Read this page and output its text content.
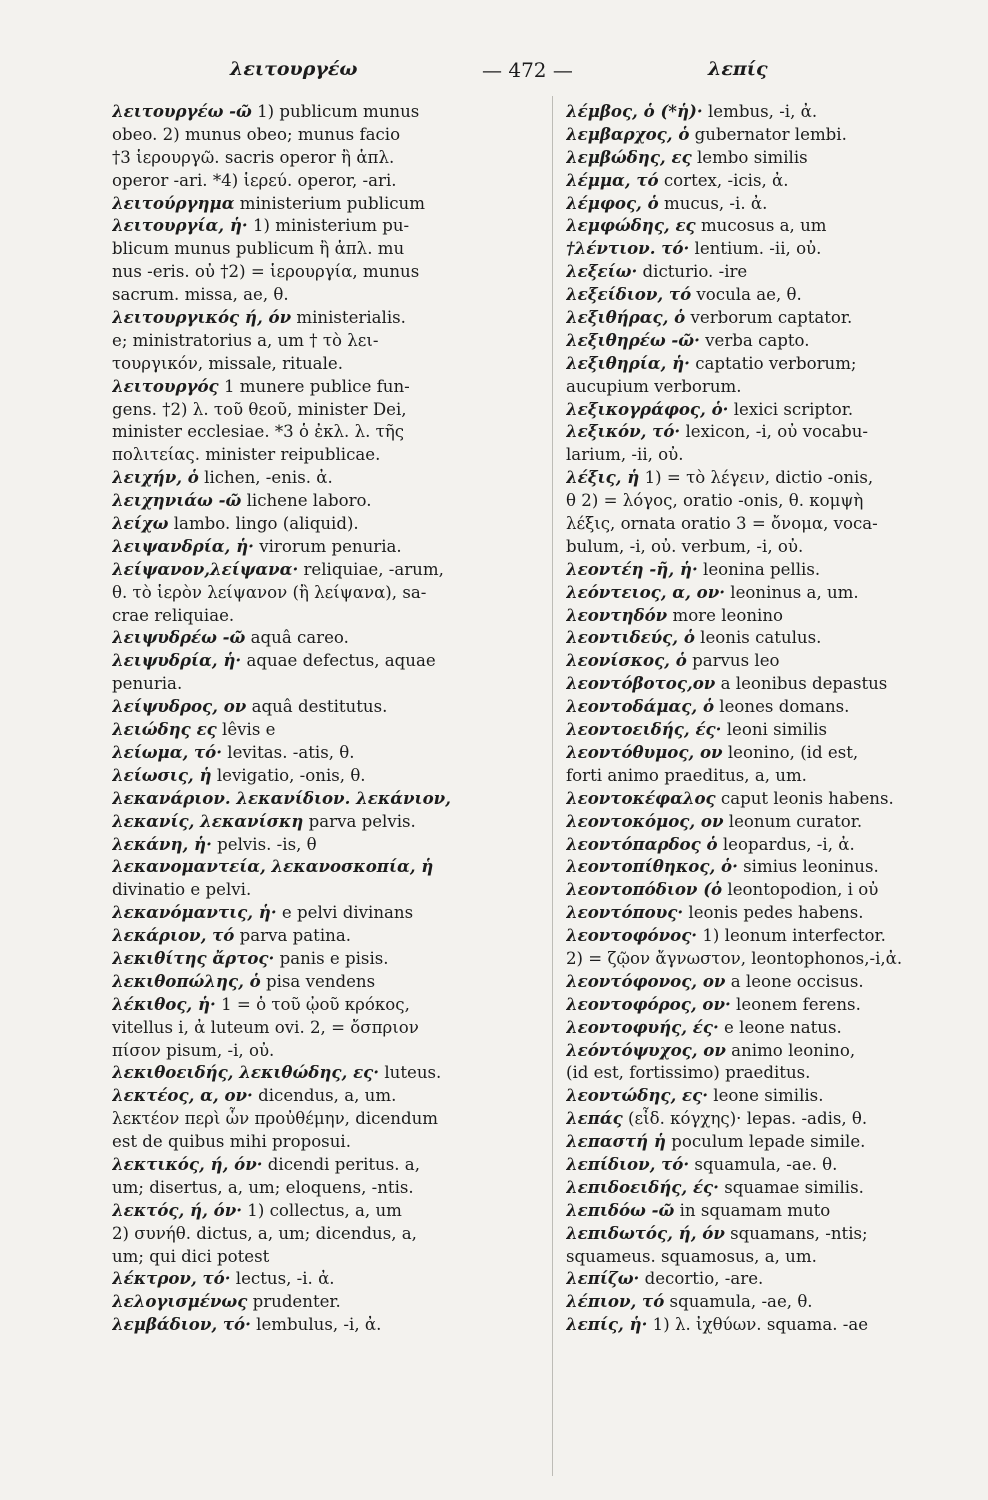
λειτουργέω	— 472 —	λεπίς
λειτουργέω -ῶ 1) publicum munus
obeo. 2) munus obeo; munus facio
†3 ἱερουργῶ. sacris operor ἢ ἁπλ.
operor -ari. *4) ἱερεύ. operor, -ari.
λειτούργημα ministerium publicum
λειτουργία, ἡ· 1) ministerium pu-
blicum munus publicum ἢ ἁπλ. mu
nus -eris. οὐ †2) = ἱερουργία, munus
sacrum. missa, ae, θ.
λειτουργικός ή, όν ministerialis.
e; ministratorius a, um † τὸ λει-
τουργικόν, missale, rituale.
λειτουργός 1 munere publice fun-
gens. †2) λ. τοῦ θεοῦ, minister Dei,
minister ecclesiae. *3 ὁ ἐκλ. λ. τῆς
πολιτείας. minister reipublicae.
λειχήν, ὁ lichen, -enis. ἀ.
λειχηνιάω -ῶ lichene laboro.
λείχω lambo. lingo (aliquid).
λειψανδρία, ἡ· virorum penuria.
λείψανον,λείψανα· reliquiae, -arum,
θ. τὸ ἱερὸν λείψανον (ἢ λείψανα), sa-
crae reliquiae.
λειψυδρέω -ῶ aquâ careo.
λειψυδρία, ἡ· aquae defectus, aquae
penuria.
λείψυδρος, ον aquâ destitutus.
λειώδης ες lêvis e
λείωμα, τό· levitas. -atis, θ.
λείωσις, ἡ levigatio, -onis, θ.
λεκανάριον. λεκανίδιον. λεκάνιον,
λεκανίς, λεκανίσκη parva pelvis.
λεκάνη, ἡ· pelvis. -is, θ
λεκανομαντεία, λεκανοσκοπία, ἡ
divinatio e pelvi.
λεκανόμαντις, ἡ· e pelvi divinans
λεκάριον, τό parva patina.
λεκιθίτης ἄρτος· panis e pisis.
λεκιθοπώλης, ὁ pisa vendens
λέκιθος, ἡ· 1 = ὁ τοῦ ᾠοῦ κρόκος,
vitellus i, ἀ luteum ovi. 2, = ὄσπριον
πίσον pisum, -i, οὐ.
λεκιθοειδής, λεκιθώδης, ες· luteus.
λεκτέος, α, ον· dicendus, a, um.
λεκτέον περὶ ὧν προὐθέμην, dicendum
est de quibus mihi proposui.
λεκτικός, ή, όν· dicendi peritus. a,
um; disertus, a, um; eloquens, -ntis.
λεκτός, ή, όν· 1) collectus, a, um
2) συνήθ. dictus, a, um; dicendus, a,
um; qui dici potest
λέκτρον, τό· lectus, -i. ἀ.
λελογισμένως prudenter.
λεμβάδιον, τό· lembulus, -i, ἀ.
λέμβος, ὁ (*ἡ)· lembus, -i, ἀ.
λεμβαρχος, ὁ gubernator lembi.
λεμβώδης, ες lembo similis
λέμμα, τό cortex, -icis, ἀ.
λέμφος, ὁ mucus, -i. ἀ.
λεμφώδης, ες mucosus a, um
†λέντιον. τό· lentium. -ii, οὐ.
λεξείω· dicturio. -ire
λεξείδιον, τό vocula ae, θ.
λεξιθήρας, ὁ verborum captator.
λεξιθηρέω -ῶ· verba capto.
λεξιθηρία, ἡ· captatio verborum;
aucupium verborum.
λεξικογράφος, ὁ· lexici scriptor.
λεξικόν, τό· lexicon, -i, οὐ vocabu-
larium, -ii, οὐ.
λέξις, ἡ 1) = τὸ λέγειν, dictio -onis,
θ 2) = λόγος, oratio -onis, θ. κομψὴ
λέξις, ornata oratio 3 = ὄνομα, voca-
bulum, -i, οὐ. verbum, -i, οὐ.
λεοντέη -ῆ, ἡ· leonina pellis.
λεόντειος, α, ον· leoninus a, um.
λεοντηδόν more leonino
λεοντιδεύς, ὁ leonis catulus.
λεονίσκος, ὁ parvus leo
λεοντόβοτος,ον a leonibus depastus
λεοντοδάμας, ὁ leones domans.
λεοντοειδής, ές· leoni similis
λεοντόθυμος, ον leonino, (id est,
forti animo praeditus, a, um.
λεοντοκέφαλος caput leonis habens.
λεοντοκόμος, ον leonum curator.
λεοντόπαρδος ὁ leopardus, -i, ἀ.
λεοντοπίθηκος, ὁ· simius leoninus.
λεοντοπόδιον (ὁ leontopodion, i οὐ
λεοντόπους· leonis pedes habens.
λεοντοφόνος· 1) leonum interfector.
2) = ζῷον ἄγνωστον, leontophonos,-i,ἀ.
λεοντόφονος, ον a leone occisus.
λεοντοφόρος, ον· leonem ferens.
λεοντοφυής, ές· e leone natus.
λεόντόψυχος, ον animo leonino,
(id est, fortissimo) praeditus.
λεοντώδης, ες· leone similis.
λεπάς (εἶδ. κόγχης)· lepas. -adis, θ.
λεπαστή ἡ poculum lepade simile.
λεπίδιον, τό· squamula, -ae. θ.
λεπιδοειδής, ές· squamae similis.
λεπιδόω -ῶ in squamam muto
λεπιδωτός, ή, όν squamans, -ntis;
squameus. squamosus, a, um.
λεπίζω· decortio, -are.
λέπιον, τό squamula, -ae, θ.
λεπίς, ἡ· 1) λ. ἰχθύων. squama. -ae
